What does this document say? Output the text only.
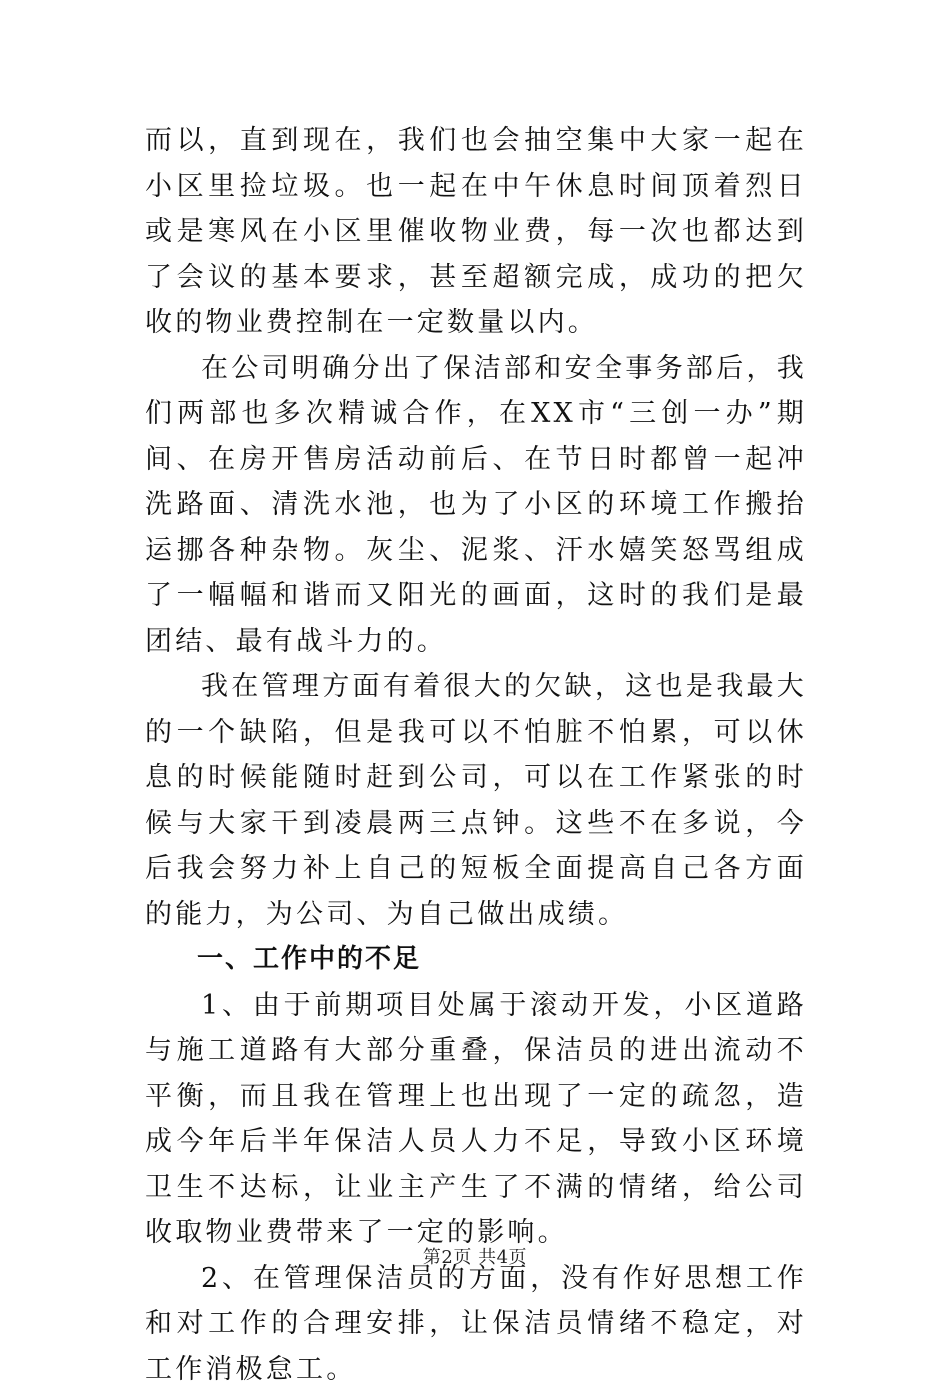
而以，直到现在，我们也会抽空集中大家一起在小区里捡垃圾。也一起在中午休息时间顶着烈日或是寒风在小区里催收物业费，每一次也都达到了会议的基本要求，甚至超额完成，成功的把欠收的物业费控制在一定数量以内。

在公司明确分出了保洁部和安全事务部后，我们两部也多次精诚合作，在XX市“三创一办”期间、在房开售房活动前后、在节日时都曾一起冲洗路面、清洗水池，也为了小区的环境工作搬抬运挪各种杂物。灰尘、泥浆、汗水嬉笑怒骂组成了一幅幅和谐而又阳光的画面，这时的我们是最团结、最有战斗力的。

我在管理方面有着很大的欠缺，这也是我最大的一个缺陷，但是我可以不怕脏不怕累，可以休息的时候能随时赶到公司，可以在工作紧张的时候与大家干到凌晨两三点钟。这些不在多说，今后我会努力补上自己的短板全面提高自己各方面的能力，为公司、为自己做出成绩。

一、工作中的不足

1、由于前期项目处属于滚动开发，小区道路与施工道路有大部分重叠，保洁员的进出流动不平衡，而且我在管理上也出现了一定的疏忽，造成今年后半年保洁人员人力不足，导致小区环境卫生不达标，让业主产生了不满的情绪，给公司收取物业费带来了一定的影响。

2、在管理保洁员的方面，没有作好思想工作和对工作的合理安排，让保洁员情绪不稳定，对工作消极怠工。

第2页 共4页
